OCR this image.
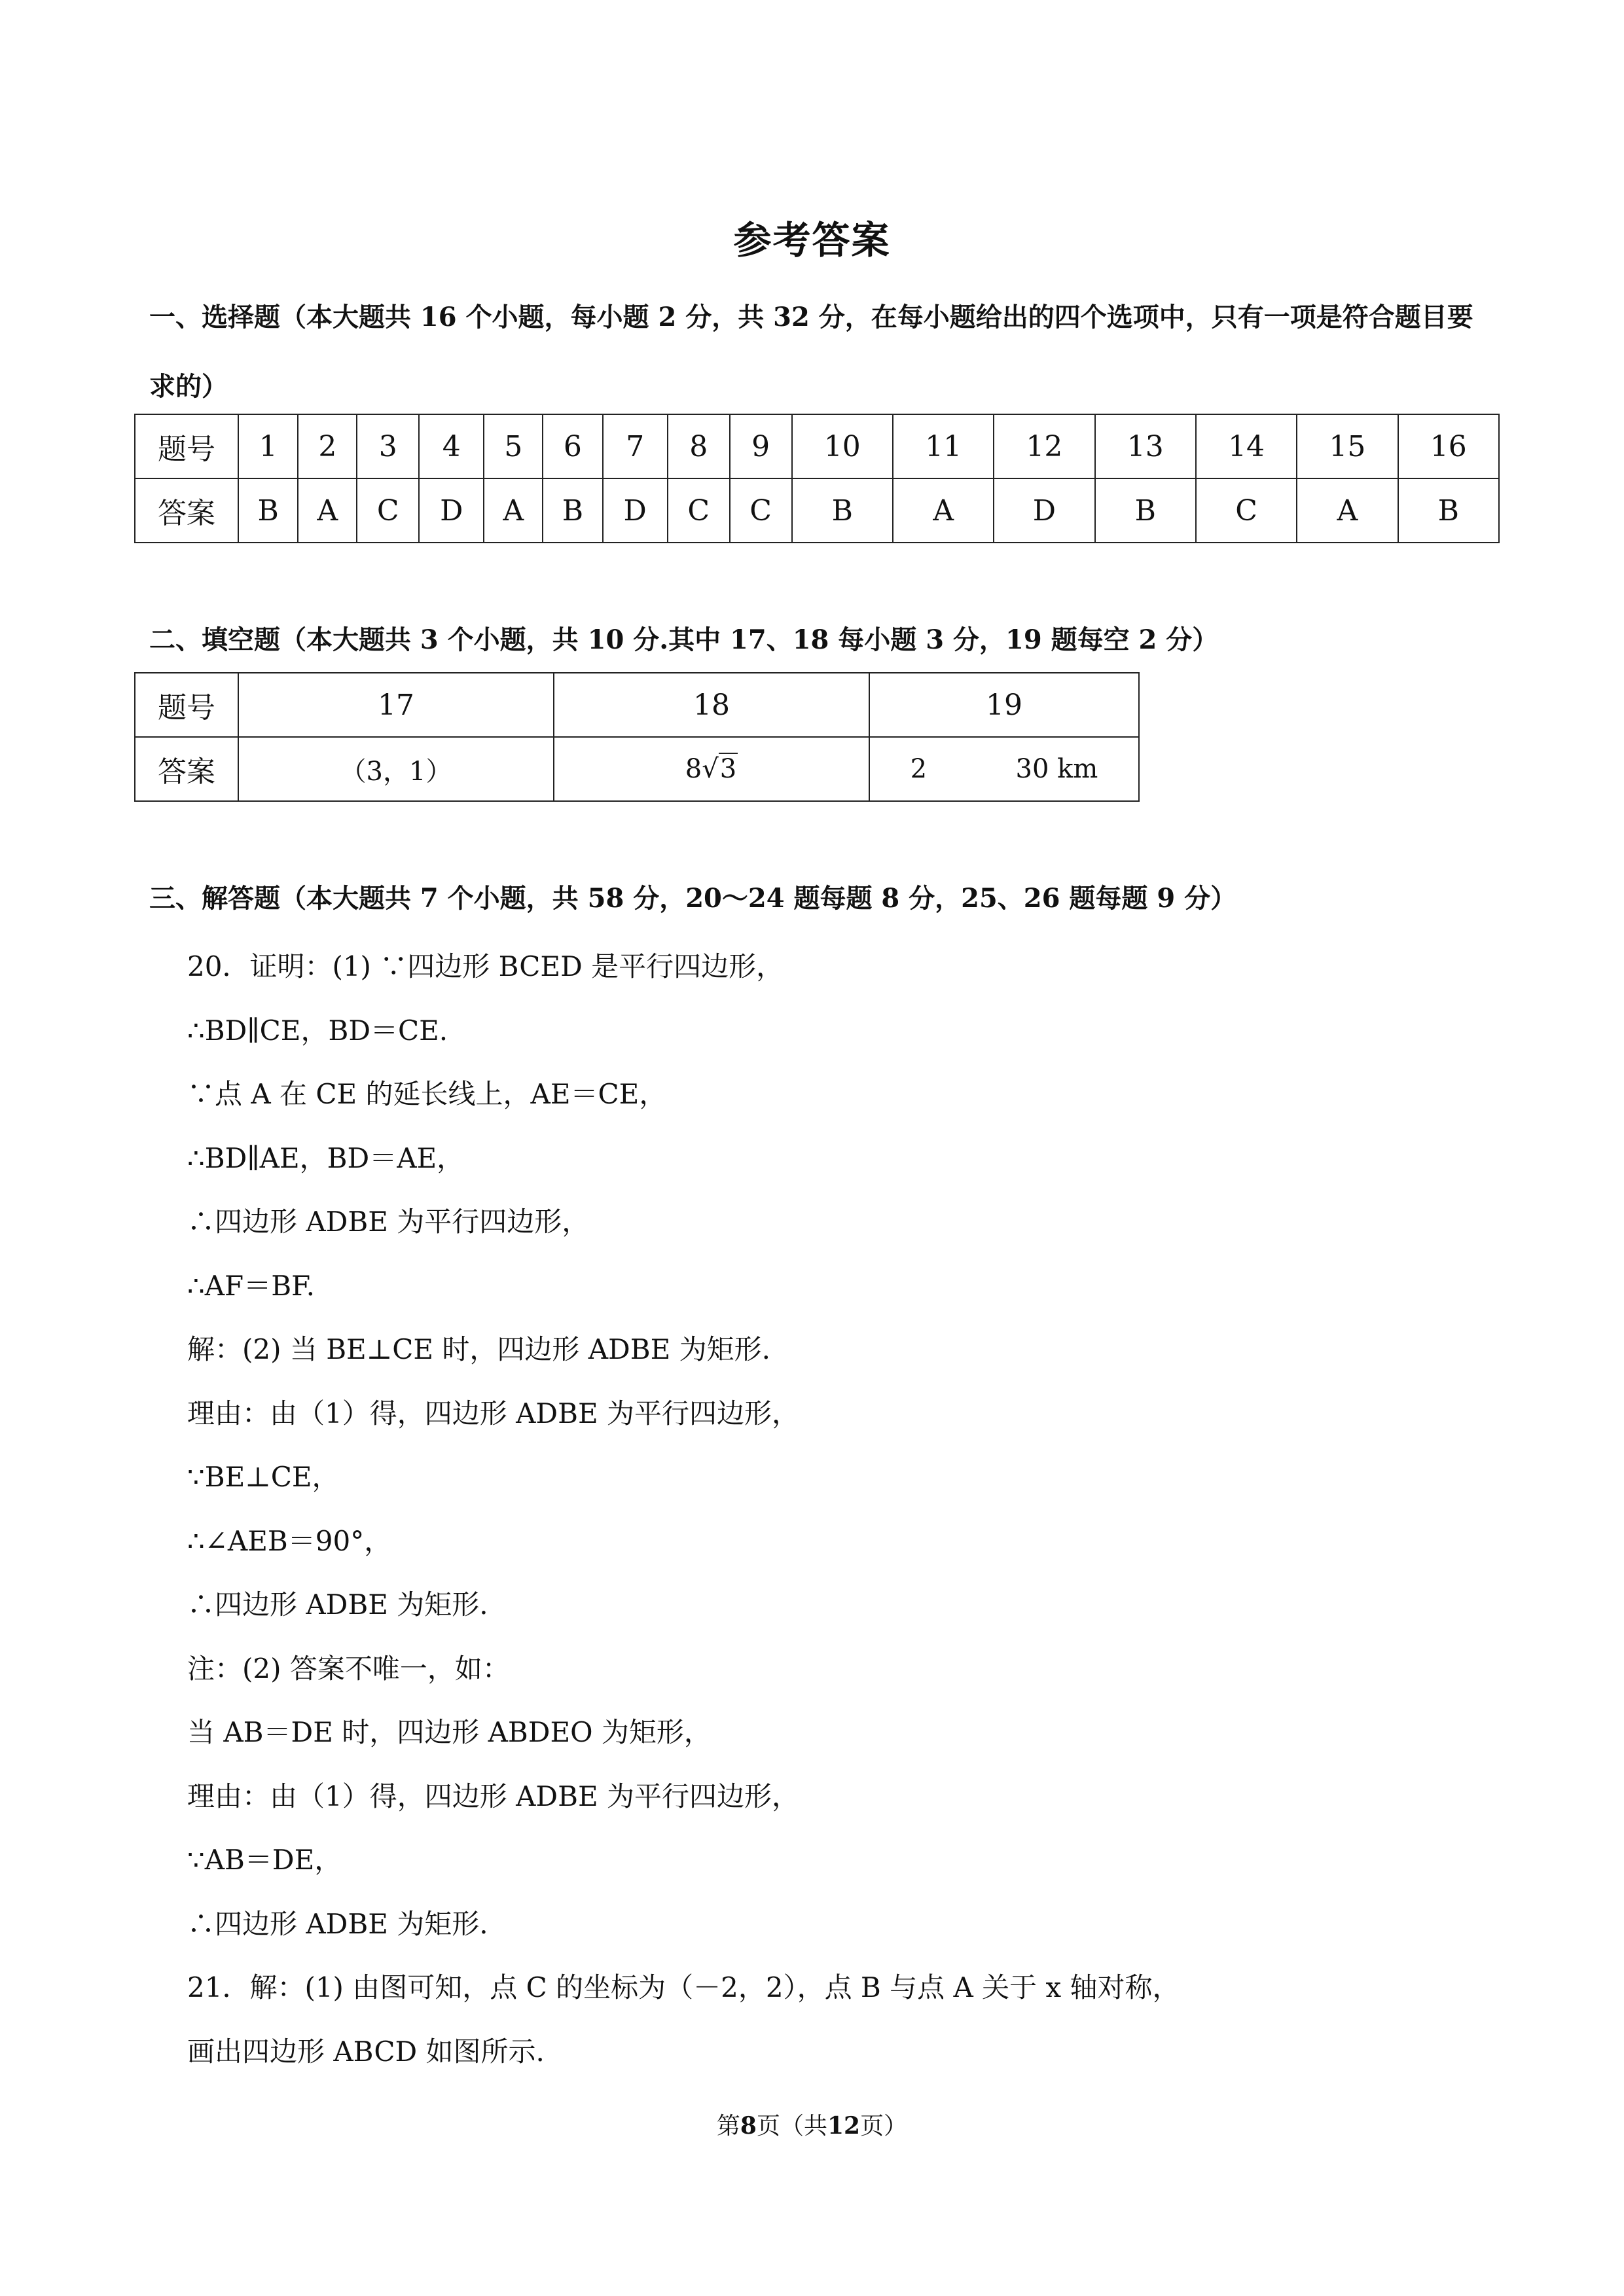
参考答案
一、选择题（本大题共 16 个小题，每小题 2 分，共 32 分，在每小题给出的四个选项中，只有一项是符合题目要求的）
题号	1	2	3	4	5	6	7	8	9	10	11	12	13	14	15	16
答案	B	A	C	D	A	B	D	C	C	B	A	D	B	C	A	B
二、填空题（本大题共 3 个小题，共 10 分.其中 17、18 每小题 3 分，19 题每空 2 分）
题号	17	18	19
答案	（3，1）	8√3	2 30 km
三、解答题（本大题共 7 个小题，共 58 分，20～24 题每题 8 分，25、26 题每题 9 分）
20．证明：(1) ∵四边形 BCED 是平行四边形，
∴BD∥CE，BD＝CE.
∵点 A 在 CE 的延长线上，AE＝CE，
∴BD∥AE，BD＝AE，
∴四边形 ADBE 为平行四边形，
∴AF＝BF.
解：(2) 当 BE⊥CE 时，四边形 ADBE 为矩形.
理由：由（1）得，四边形 ADBE 为平行四边形，
∵BE⊥CE，
∴∠AEB＝90°，
∴四边形 ADBE 为矩形.
注：(2) 答案不唯一，如：
当 AB＝DE 时，四边形 ABDEO 为矩形，
理由：由（1）得，四边形 ADBE 为平行四边形，
∵AB＝DE，
∴四边形 ADBE 为矩形.
21．解：(1) 由图可知，点 C 的坐标为（－2，2），点 B 与点 A 关于 x 轴对称，
画出四边形 ABCD 如图所示.
第8页（共12页）
